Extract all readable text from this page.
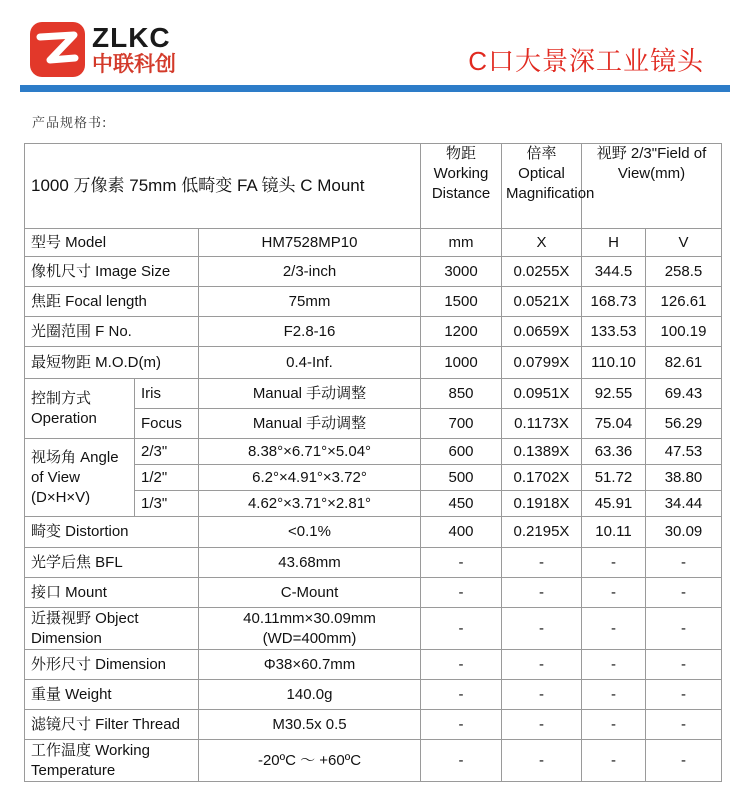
ZLKC
中联科创	C口大景深工业镜头
产品规格书:
1000 万像素 75mm 低畸变 FA 镜头 C Mount			物距 Working Distance	倍率 Optical Magnification	视野 2/3"Field of View(mm)	
型号 Model		HM7528MP10	mm	X	H	V
像机尺寸 Image Size		2/3-inch	3000	0.0255X	344.5	258.5
焦距 Focal length		75mm	1500	0.0521X	168.73	126.61
光圈范围 F No.		F2.8-16	1200	0.0659X	133.53	100.19
最短物距 M.O.D(m)		0.4-Inf.	1000	0.0799X	110.10	82.61
控制方式 Operation	Iris	Manual 手动调整	850	0.0951X	92.55	69.43
	Focus	Manual 手动调整	700	0.1173X	75.04	56.29
视场角 Angle of View (D×H×V)	2/3"	8.38°×6.71°×5.04°	600	0.1389X	63.36	47.53
	1/2"	6.2°×4.91°×3.72°	500	0.1702X	51.72	38.80
	1/3"	4.62°×3.71°×2.81°	450	0.1918X	45.91	34.44
畸变 Distortion		<0.1%	400	0.2195X	10.11	30.09
光学后焦 BFL		43.68mm	-	-	-	-
接口 Mount		C-Mount	-	-	-	-
近摄视野 Object Dimension		40.11mm×30.09mm (WD=400mm)	-	-	-	-
外形尺寸 Dimension		Φ38×60.7mm	-	-	-	-
重量 Weight		140.0g	-	-	-	-
滤镜尺寸 Filter Thread		M30.5x 0.5	-	-	-	-
工作温度 Working Temperature		-20ºC ～ +60ºC	-	-	-	-
